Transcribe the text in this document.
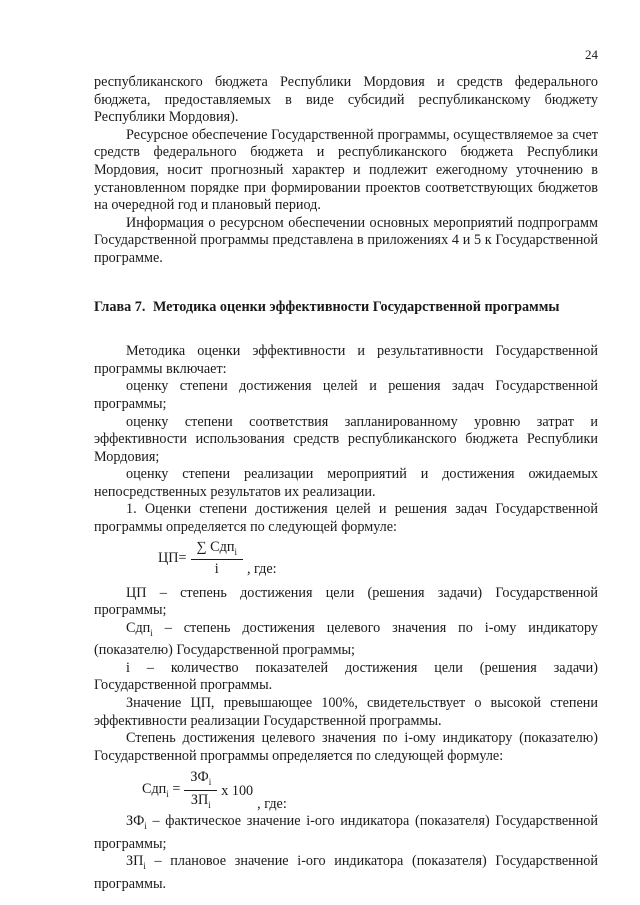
24

республиканского бюджета Республики Мордовия и средств федерального бюджета, предоставляемых в виде субсидий республиканскому бюджету Республики Мордовия).

Ресурсное обеспечение Государственной программы, осуществляемое за счет средств федерального бюджета и республиканского бюджета Республики Мордовия, носит прогнозный характер и подлежит ежегодному уточнению в установленном порядке при формировании проектов соответствующих бюджетов на очередной год и плановый период.

Информация о ресурсном обеспечении основных мероприятий подпрограмм Государственной программы представлена в приложениях 4 и 5 к Государственной программе.

Глава 7. Методика оценки эффективности Государственной программы

Методика оценки эффективности и результативности Государственной программы включает:

оценку степени достижения целей и решения задач Государственной программы;

оценку степени соответствия запланированному уровню затрат и эффективности использования средств республиканского бюджета Республики Мордовия;

оценку степени реализации мероприятий и достижения ожидаемых непосредственных результатов их реализации.

1. Оценки степени достижения целей и решения задач Государственной программы определяется по следующей формуле:

$ЦП= \frac{\sum Сдп_i}{i}$ , где:

ЦП – степень достижения цели (решения задачи) Государственной программы;

Сдп$_i$ – степень достижения целевого значения по i-ому индикатору (показателю) Государственной программы;

i – количество показателей достижения цели (решения задачи) Государственной программы.

Значение ЦП, превышающее 100%, свидетельствует о высокой степени эффективности реализации Государственной программы.

Степень достижения целевого значения по i-ому индикатору (показателю) Государственной программы определяется по следующей формуле:

$Сдп_i = \frac{ЗФ_i}{ЗП_i}$ x 100
, где:

$ЗФ_i$ – фактическое значение i-ого индикатора (показателя) Государственной программы;

$ЗП_i$ – плановое значение i-ого индикатора (показателя) Государственной программы.
